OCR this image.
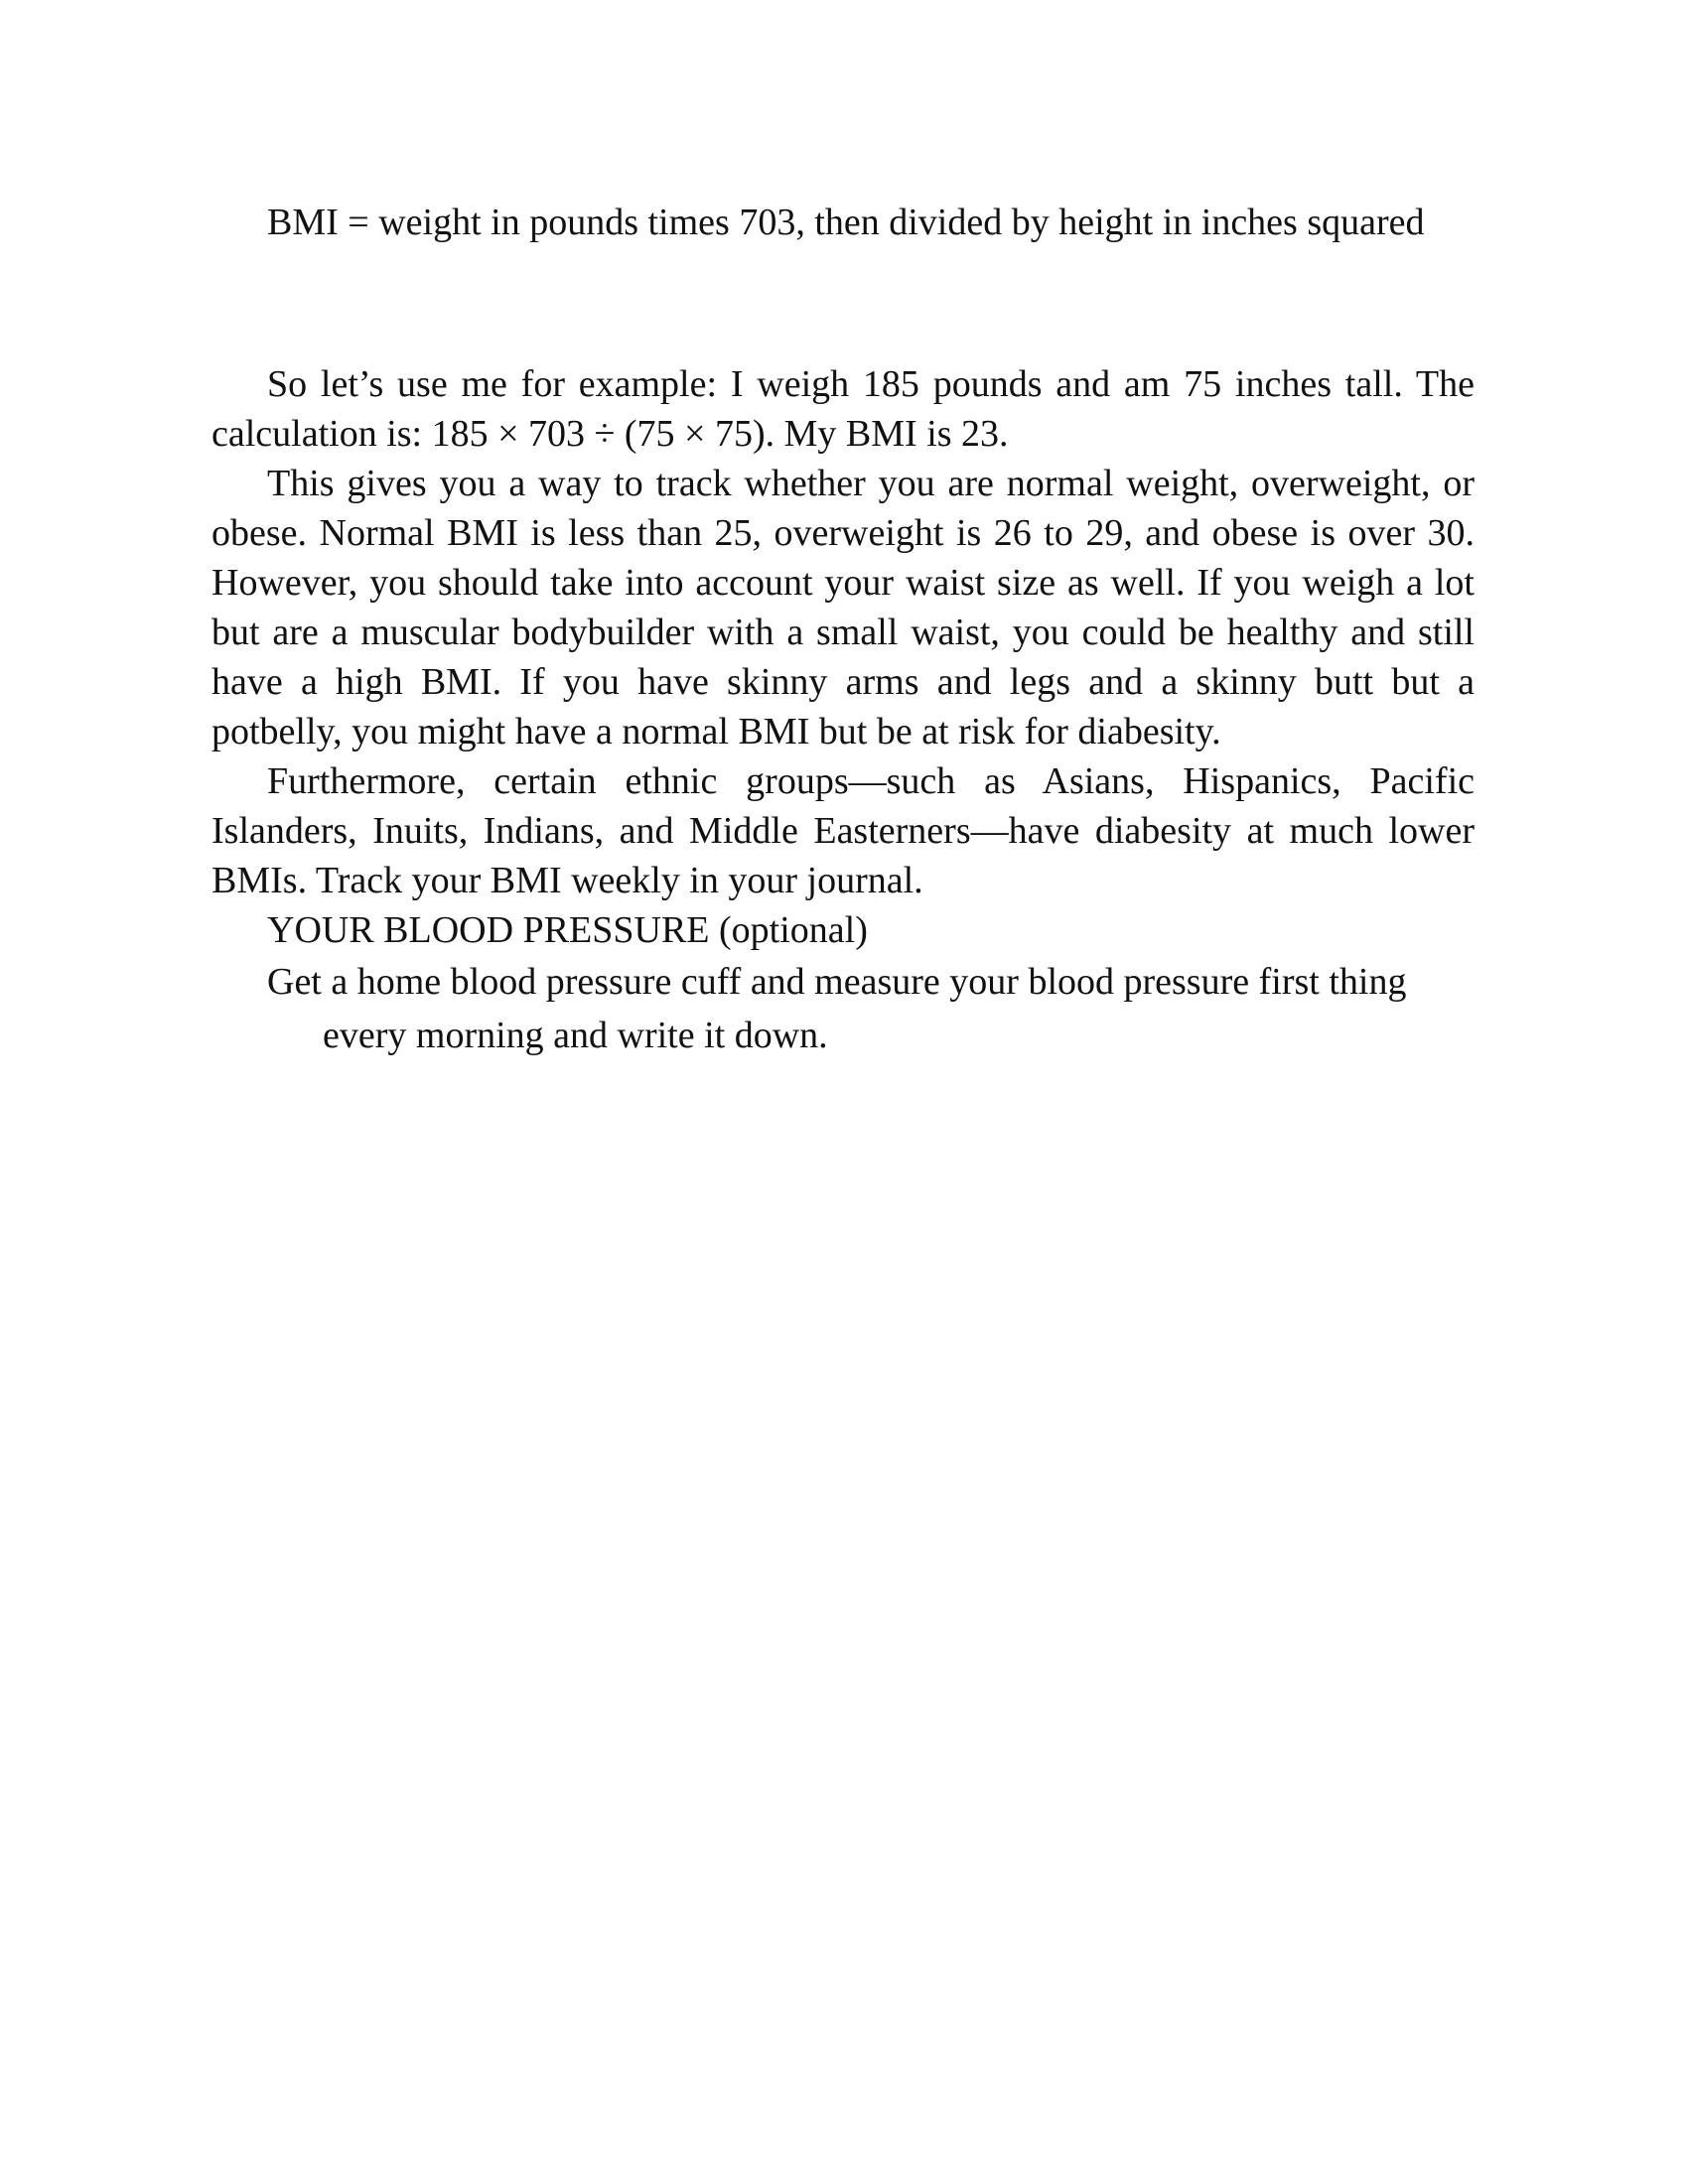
BMI = weight in pounds times 703, then divided by height in inches squared

So let’s use me for example: I weigh 185 pounds and am 75 inches tall. The calculation is: 185 × 703 ÷ (75 × 75). My BMI is 23.

This gives you a way to track whether you are normal weight, overweight, or obese. Normal BMI is less than 25, overweight is 26 to 29, and obese is over 30. However, you should take into account your waist size as well. If you weigh a lot but are a muscular bodybuilder with a small waist, you could be healthy and still have a high BMI. If you have skinny arms and legs and a skinny butt but a potbelly, you might have a normal BMI but be at risk for diabesity.

Furthermore, certain ethnic groups—such as Asians, Hispanics, Pacific Islanders, Inuits, Indians, and Middle Easterners—have diabesity at much lower BMIs. Track your BMI weekly in your journal.

YOUR BLOOD PRESSURE (optional)

Get a home blood pressure cuff and measure your blood pressure first thing every morning and write it down.
